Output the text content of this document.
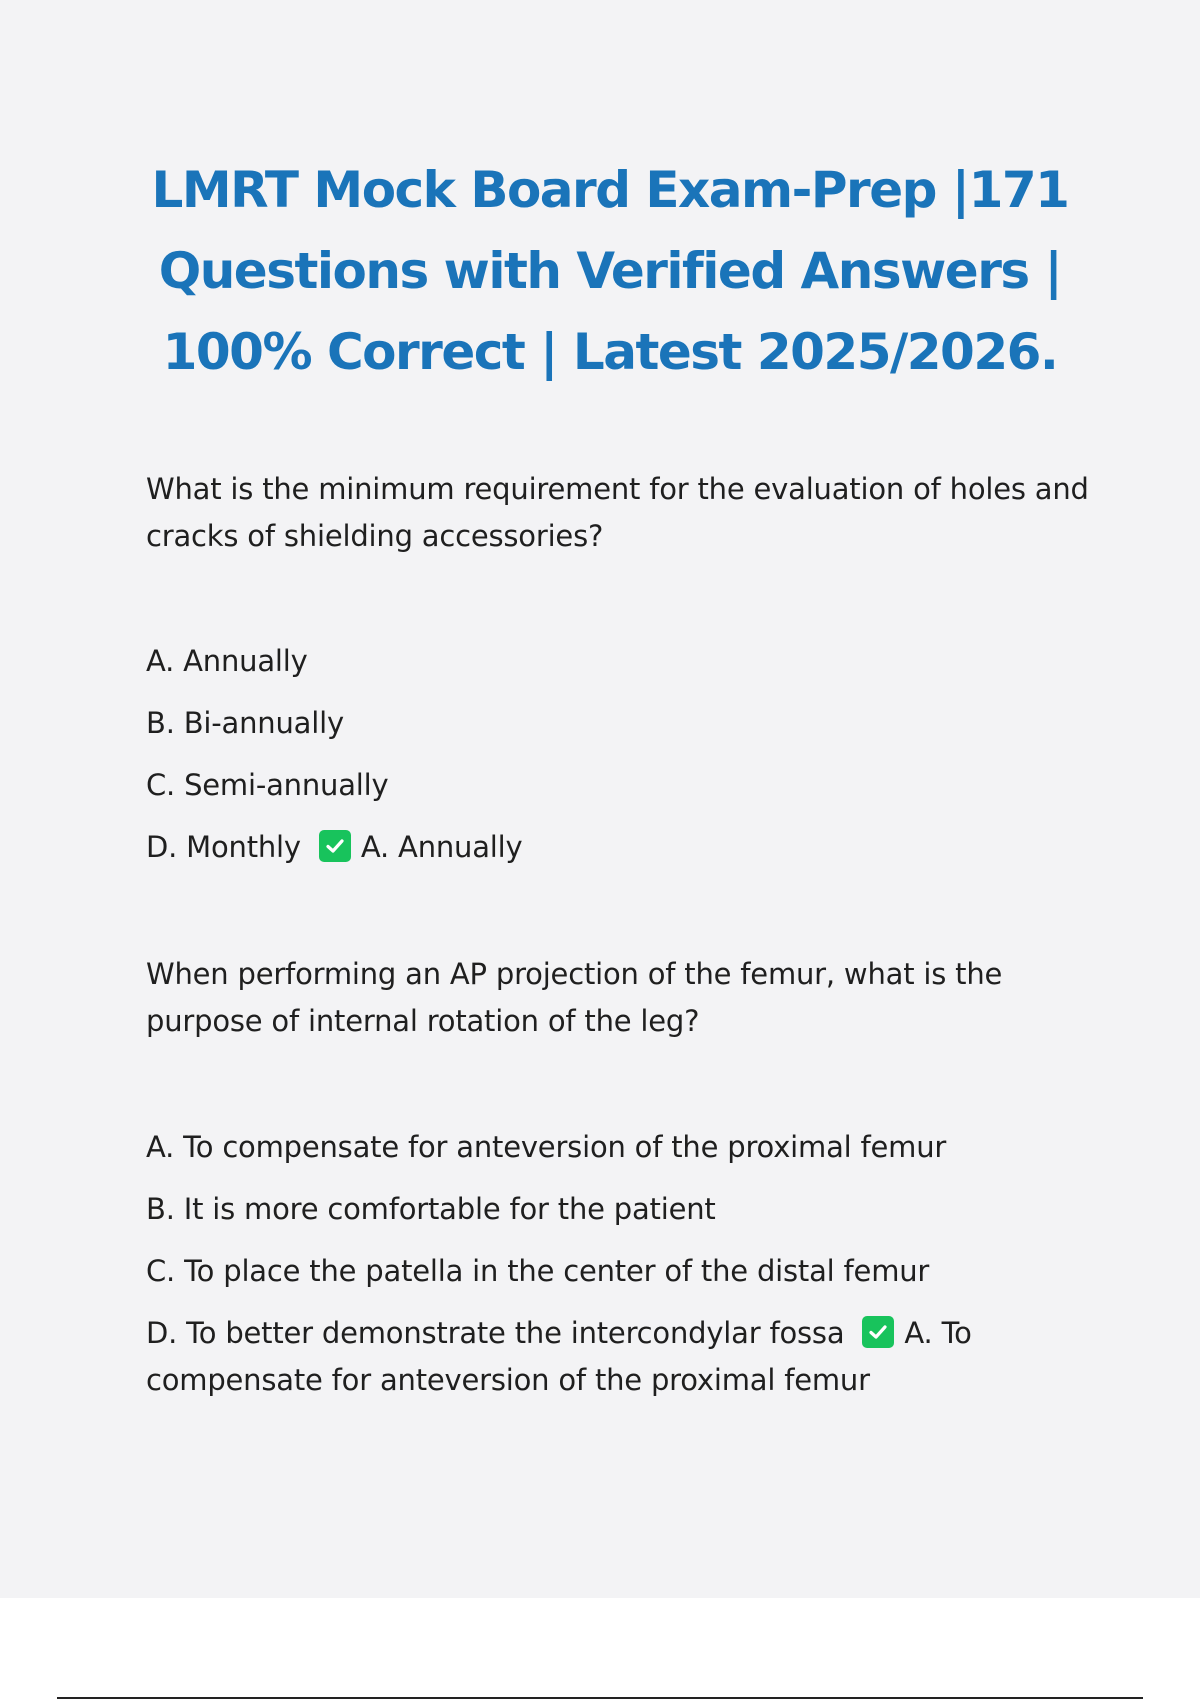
LMRT Mock Board Exam-Prep |171 Questions with Verified Answers | 100% Correct | Latest 2025/2026.

What is the minimum requirement for the evaluation of holes and cracks of shielding accessories?

A. Annually
B. Bi-annually
C. Semi-annually
D. Monthly A. Annually

When performing an AP projection of the femur, what is the purpose of internal rotation of the leg?

A. To compensate for anteversion of the proximal femur
B. It is more comfortable for the patient
C. To place the patella in the center of the distal femur
D. To better demonstrate the intercondylar fossa A. To compensate for anteversion of the proximal femur
